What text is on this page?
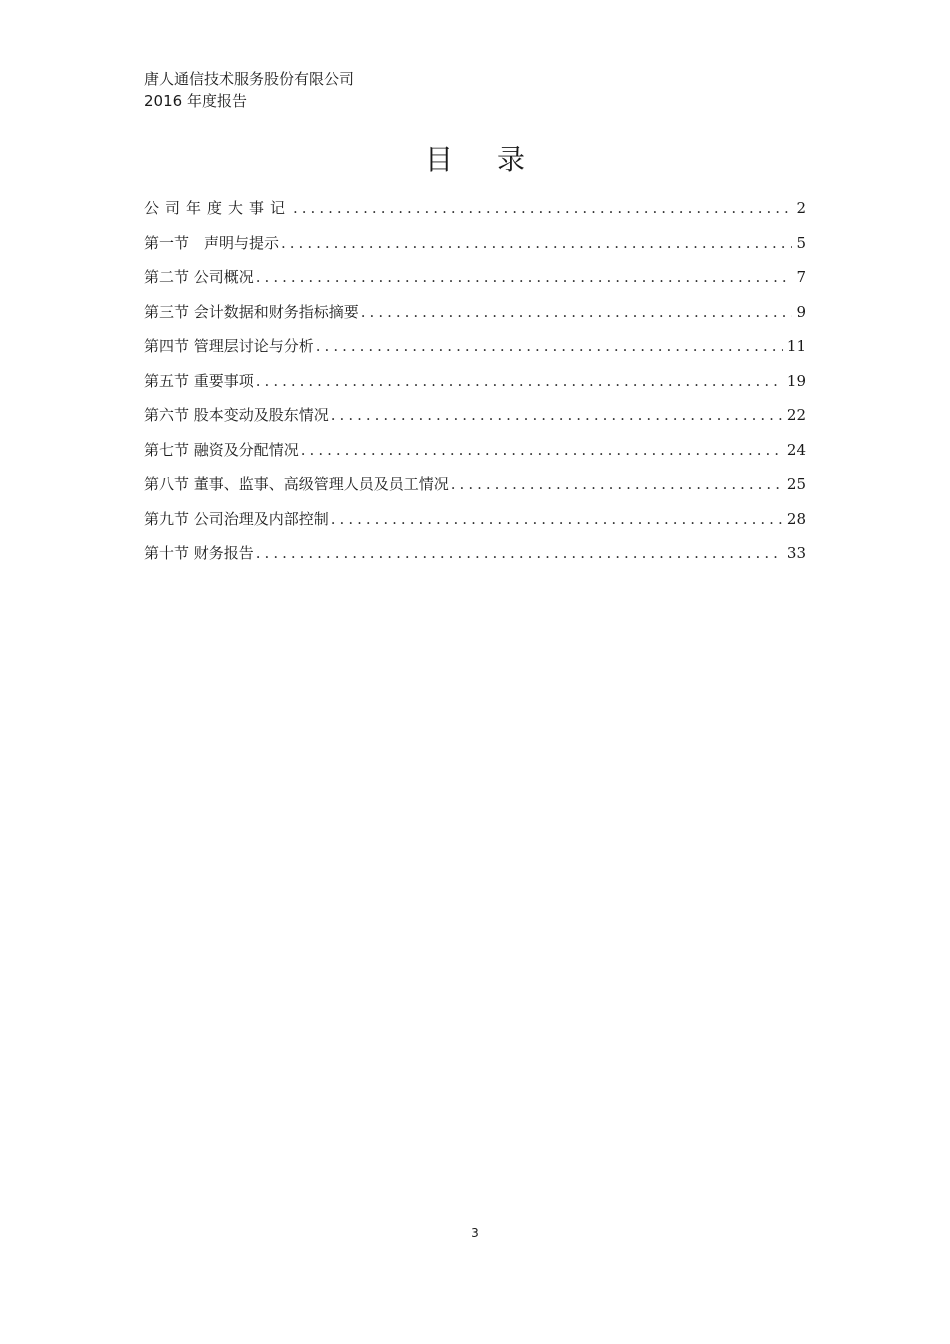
唐人通信技术服务股份有限公司
2016 年度报告
目 录
公司年度大事记 .....	2
第一节　声明与提示 .....	5
第二节 公司概况 .....	7
第三节 会计数据和财务指标摘要 .....	9
第四节 管理层讨论与分析 .....	11
第五节 重要事项 .....	19
第六节 股本变动及股东情况 .....	22
第七节 融资及分配情况 .....	24
第八节 董事、监事、高级管理人员及员工情况 .....	25
第九节 公司治理及内部控制 .....	28
第十节 财务报告 .....	33
3
